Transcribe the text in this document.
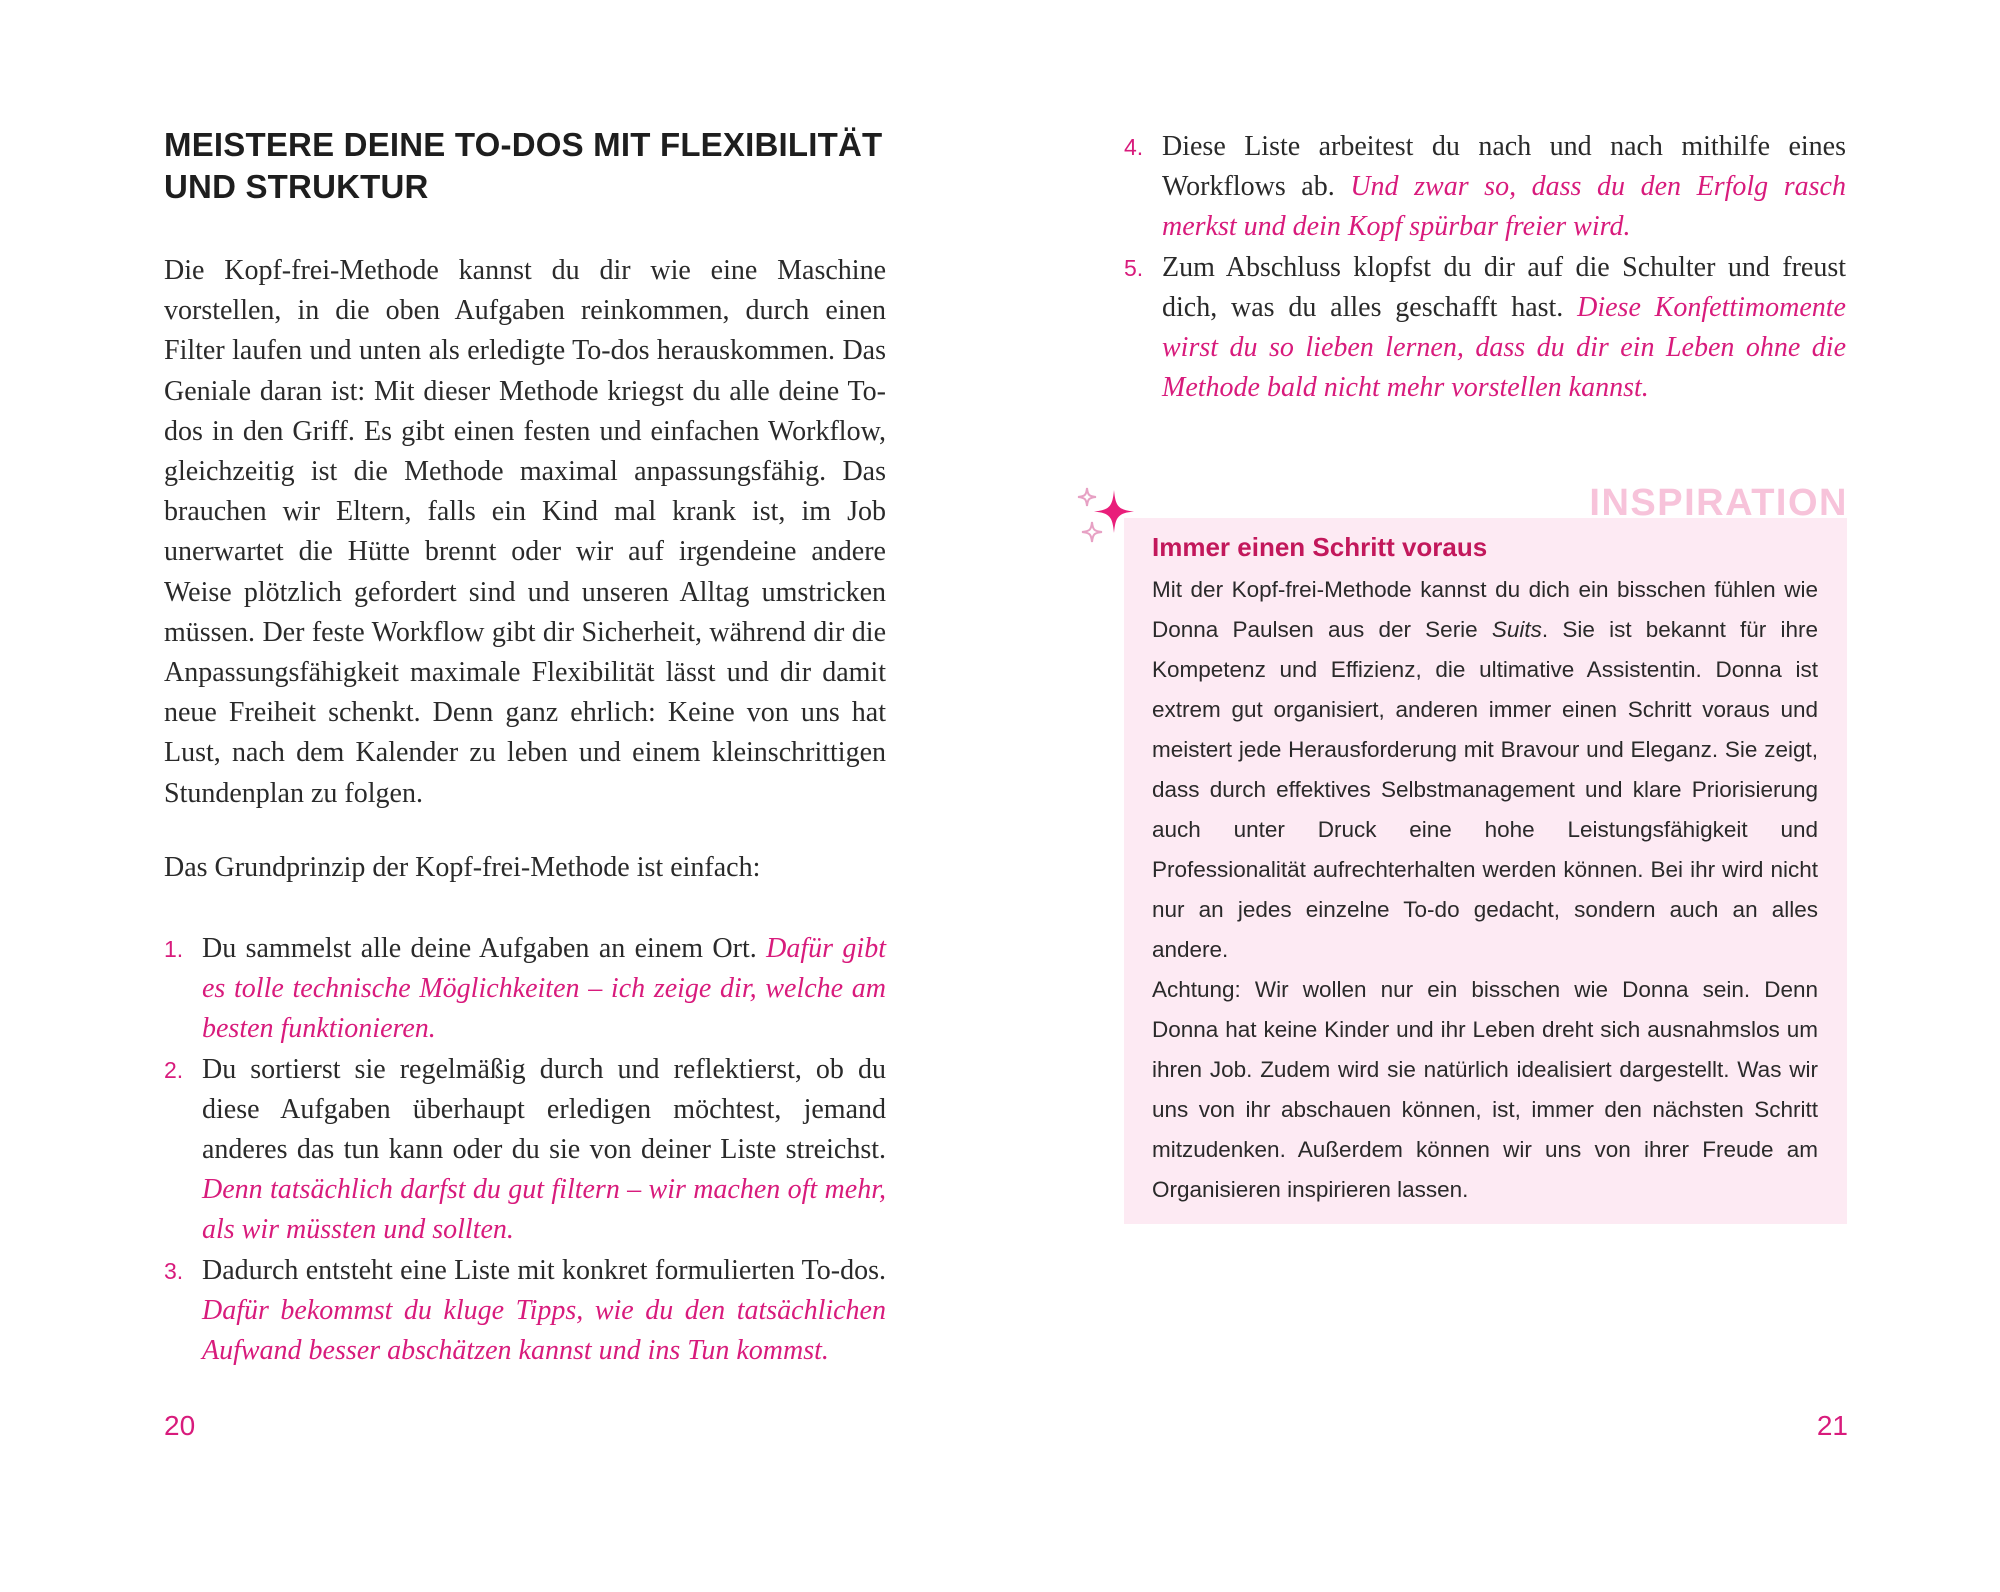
MEISTERE DEINE TO-DOS MIT FLEXIBILITÄT
UND STRUKTUR

Die Kopf-frei-Methode kannst du dir wie eine Maschine vorstellen, in die oben Aufgaben reinkommen, durch einen Filter laufen und unten als erledigte To-dos herauskommen. Das Geniale daran ist: Mit dieser Methode kriegst du alle deine To-dos in den Griff. Es gibt einen festen und einfachen Workflow, gleichzeitig ist die Methode maximal anpassungsfähig. Das brauchen wir Eltern, falls ein Kind mal krank ist, im Job unerwartet die Hütte brennt oder wir auf irgendeine andere Weise plötzlich gefordert sind und unseren Alltag umstricken müssen. Der feste Workflow gibt dir Sicherheit, während dir die Anpassungsfähigkeit maximale Flexibilität lässt und dir damit neue Freiheit schenkt. Denn ganz ehrlich: Keine von uns hat Lust, nach dem Kalender zu leben und einem kleinschrittigen Stundenplan zu folgen.

Das Grundprinzip der Kopf-frei-Methode ist einfach:

1. Du sammelst alle deine Aufgaben an einem Ort. Dafür gibt es tolle technische Möglichkeiten – ich zeige dir, welche am besten funktionieren.
2. Du sortierst sie regelmäßig durch und reflektierst, ob du diese Aufgaben überhaupt erledigen möchtest, jemand anderes das tun kann oder du sie von deiner Liste streichst. Denn tatsächlich darfst du gut filtern – wir machen oft mehr, als wir müssten und sollten.
3. Dadurch entsteht eine Liste mit konkret formulierten To-dos. Dafür bekommst du kluge Tipps, wie du den tatsächlichen Aufwand besser abschätzen kannst und ins Tun kommst.
20
4. Diese Liste arbeitest du nach und nach mithilfe eines Workflows ab. Und zwar so, dass du den Erfolg rasch merkst und dein Kopf spürbar freier wird.
5. Zum Abschluss klopfst du dir auf die Schulter und freust dich, was du alles geschafft hast. Diese Konfettimomente wirst du so lieben lernen, dass du dir ein Leben ohne die Methode bald nicht mehr vorstellen kannst.
INSPIRATION
Immer einen Schritt voraus

Mit der Kopf-frei-Methode kannst du dich ein bisschen fühlen wie Donna Paulsen aus der Serie Suits. Sie ist bekannt für ihre Kompetenz und Effizienz, die ultimative Assistentin. Donna ist extrem gut organisiert, anderen immer einen Schritt voraus und meistert jede Herausforderung mit Bravour und Eleganz. Sie zeigt, dass durch effektives Selbstmanagement und klare Priorisierung auch unter Druck eine hohe Leistungsfähigkeit und Professionalität aufrechterhalten werden können. Bei ihr wird nicht nur an jedes einzelne To-do gedacht, sondern auch an alles andere.

Achtung: Wir wollen nur ein bisschen wie Donna sein. Denn Donna hat keine Kinder und ihr Leben dreht sich ausnahmslos um ihren Job. Zudem wird sie natürlich idealisiert dargestellt. Was wir uns von ihr abschauen können, ist, immer den nächsten Schritt mitzudenken. Außerdem können wir uns von ihrer Freude am Organisieren inspirieren lassen.

21
